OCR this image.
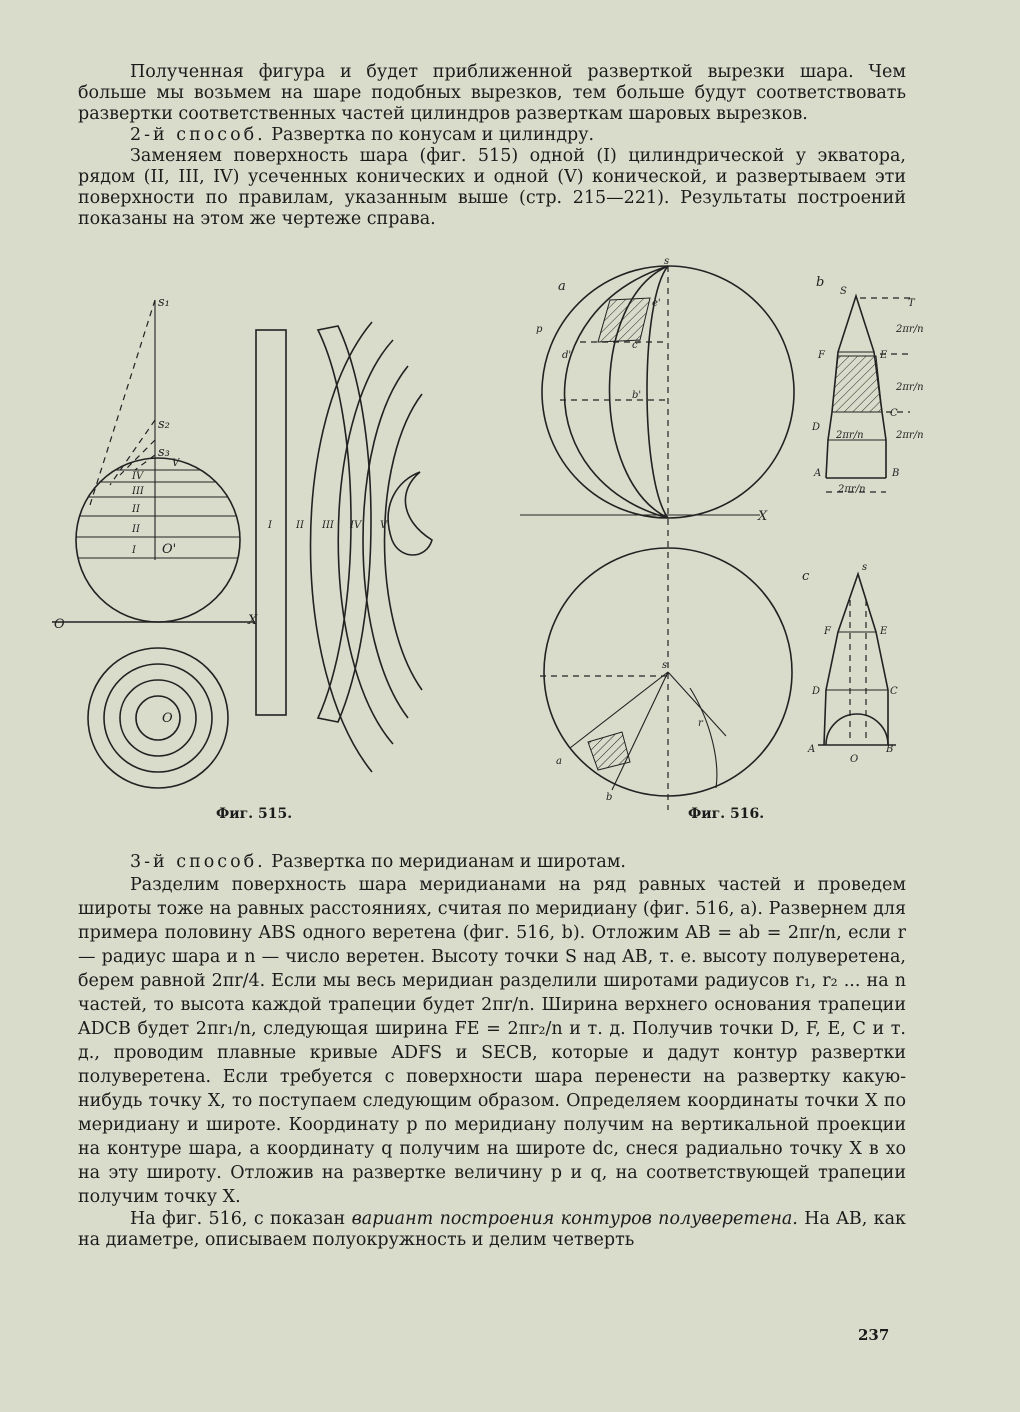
Полученная фигура и будет приближенной разверткой вырезки шара. Чем больше мы возьмем на шаре подобных вырезков, тем больше будут соответствовать развертки соответственных частей цилиндров разверткам шаровых вырезков.

2-й способ. Развертка по конусам и цилиндру.

Заменяем поверхность шара (фиг. 515) одной (I) цилиндрической у экватора, рядом (II, III, IV) усеченных конических и одной (V) конической, и развертываем эти поверхности по правилам, указанным выше (стр. 215—221). Результаты построений показаны на этом же чертеже справа.

s₁
s₂
s₃
V
IV
III
II
II
I O'
O	X
O
I II III IV V
a
s
e'
c'
d'
b'
p
X
b
S
T
F	E
C
D
A	B
2πr/n
2πr/n
2πr/n
2πr/n
2πr/n
s
a
b
r
c
s
F	E
D	C
A	B
O
Фиг. 515.	Фиг. 516.

3-й способ. Развертка по меридианам и широтам.

Разделим поверхность шара меридианами на ряд равных частей и проведем широты тоже на равных расстояниях, считая по меридиану (фиг. 516, a). Развернем для примера половину ABS одного веретена (фиг. 516, b). Отложим AB = ab = 2πr/n, если r — радиус шара и n — число веретен. Высоту точки S над AB, т. е. высоту полуверетена, берем равной 2πr/4. Если мы весь меридиан разделили широтами радиусов r₁, r₂ ... на n частей, то высота каждой трапеции будет 2πr/n. Ширина верхнего основания трапеции ADCB будет 2πr₁/n, следующая ширина FE = 2πr₂/n и т. д. Получив точки D, F, E, C и т. д., проводим плавные кривые ADFS и SECB, которые и дадут контур развертки полуверетена. Если требуется с поверхности шара перенести на развертку какую-нибудь точку X, то поступаем следующим образом. Определяем координаты точки X по меридиану и широте. Координату p по меридиану получим на вертикальной проекции на контуре шара, а координату q получим на широте dc, снеся радиально точку X в xo на эту широту. Отложив на развертке величину p и q, на соответствующей трапеции получим точку X.

На фиг. 516, c показан вариант построения контуров полуверетена. На AB, как на диаметре, описываем полуокружность и делим четверть

237
